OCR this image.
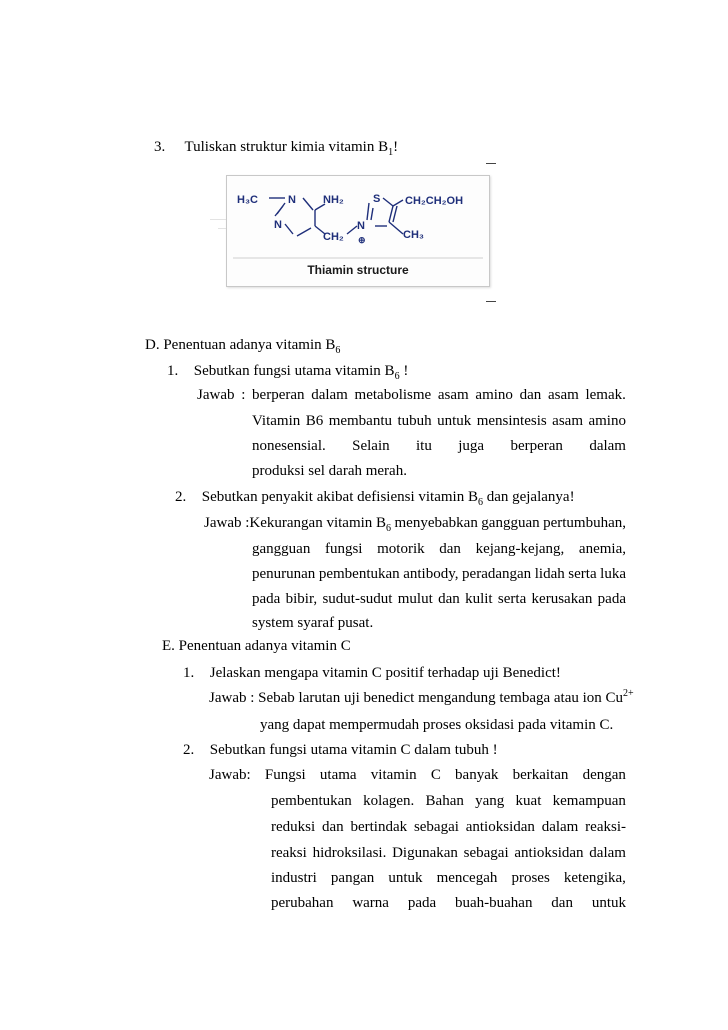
3. Tuliskan struktur kimia vitamin $B_1$!
H₃C	N NH₂
N
CH₂
S
N
⊕
CH₂CH₂OH
CH₃
Thiamin structure
D. Penentuan adanya vitamin $B_6$
1. Sebutkan fungsi utama vitamin $B_6$ !
Jawab : berperan dalam metabolisme asam amino dan asam lemak.
Vitamin B6 membantu tubuh untuk mensintesis asam amino
nonesensial. Selain itu juga berperan dalam
produksi sel darah merah.
2. Sebutkan penyakit akibat defisiensi vitamin $B_6$ dan gejalanya!
Jawab :Kekurangan vitamin $B_6$ menyebabkan gangguan pertumbuhan,
gangguan fungsi motorik dan kejang-kejang, anemia,
penurunan pembentukan antibody, peradangan lidah serta luka
pada bibir, sudut-sudut mulut dan kulit serta kerusakan pada
system syaraf pusat.
E. Penentuan adanya vitamin C
1. Jelaskan mengapa vitamin C positif terhadap uji Benedict!
Jawab : Sebab larutan uji benedict mengandung tembaga atau ion $Cu^{2+}$
yang dapat mempermudah proses oksidasi pada vitamin C.
2. Sebutkan fungsi utama vitamin C dalam tubuh !
Jawab: Fungsi utama vitamin C banyak berkaitan dengan
pembentukan kolagen. Bahan yang kuat kemampuan
reduksi dan bertindak sebagai antioksidan dalam reaksi-
reaksi hidroksilasi. Digunakan sebagai antioksidan dalam
industri pangan untuk mencegah proses ketengika,
perubahan warna pada buah-buahan dan untuk
